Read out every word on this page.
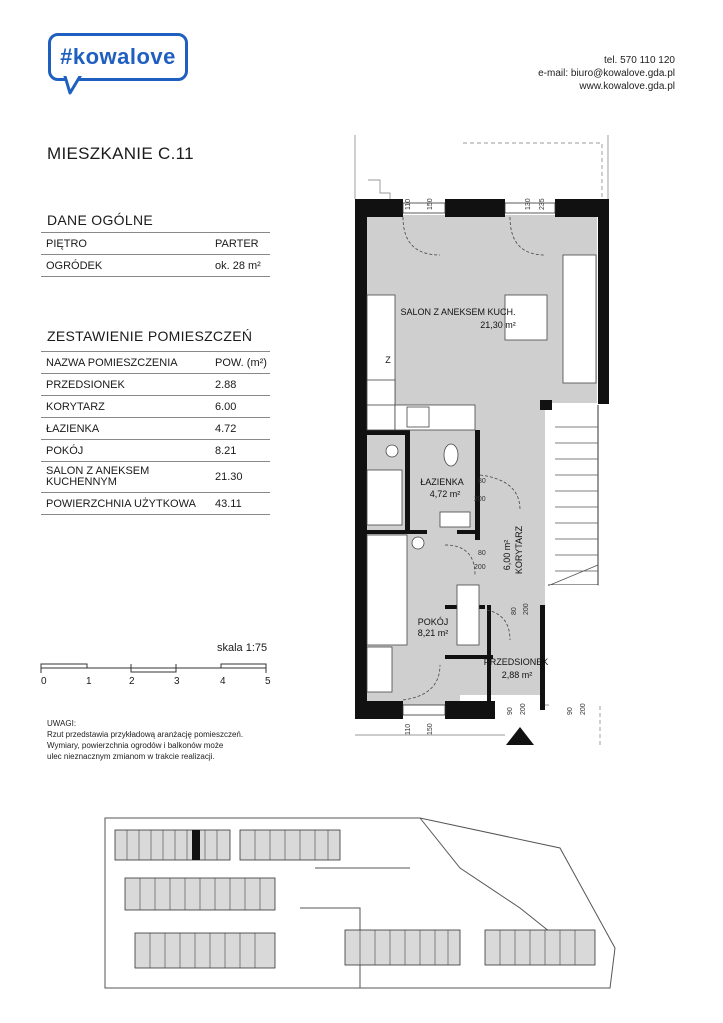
#kowalove	tel. 570 110 120
e-mail: biuro@kowalove.gda.pl
www.kowalove.gda.pl
MIESZKANIE C.11
DANE OGÓLNE
PIĘTRO	PARTER
OGRÓDEK	ok. 28 m²
ZESTAWIENIE POMIESZCZEŃ
NAZWA POMIESZCZENIA	POW. (m²)
PRZEDSIONEK	2.88
KORYTARZ	6.00
ŁAZIENKA	4.72
POKÓJ	8.21
SALON Z ANEKSEM KUCHENNYM	21.30
POWIERZCHNIA UŻYTKOWA	43.11
skala 1:75
0	1	2	3	4	5
UWAGI:
Rzut przedstawia przykładową aranżację pomieszczeń.
Wymiary, powierzchnia ogrodów i balkonów może
ulec nieznacznym zmianom w trakcie realizacji.
SALON Z ANEKSEM KUCH.
21,30 m²
ŁAZIENKA
4,72 m²
POKÓJ
8,21 m²
PRZEDSIONEK
2,88 m²
KORYTARZ
6,00 m²
Z
110 150	130 235
80
200
80
200
80 200
110 150
90 200	90 200
